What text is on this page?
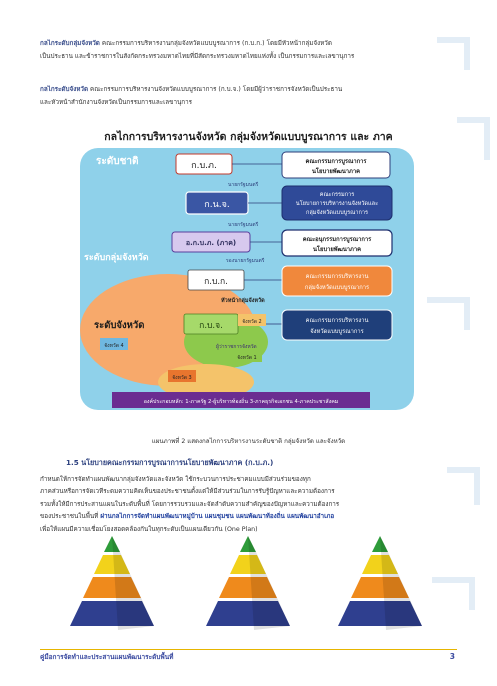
กลไกระดับกลุ่มจังหวัด คณะกรรมการบริหารงานกลุ่มจังหวัดแบบบูรณาการ (ก.บ.ก.) โดยมีหัวหน้ากลุ่มจังหวัด
เป็นประธาน และข้าราชการในสังกัดกระทรวงมหาดไทยที่มีสัดกระทรวงมหาดไทยแห่งทั้ง เป็นกรรมการและเลขานุการ
กลไกระดับจังหวัด คณะกรรมการบริหารงานจังหวัดแบบบูรณาการ (ก.บ.จ.) โดยมีผู้ว่าราชการจังหวัดเป็นประธาน
และหัวหน้าสำนักงานจังหวัดเป็นกรรมการและเลขานุการ
กลไกการบริหารงานจังหวัด กลุ่มจังหวัดแบบบูรณาการ และ ภาค
ระดับชาติ
ระดับกลุ่มจังหวัด
ระดับจังหวัด
ก.บ.ภ.
นายกรัฐมนตรี
ก.น.จ.
นายกรัฐมนตรี
อ.ก.บ.ภ. (ภาค)
รองนายกรัฐมนตรี
ก.บ.ก.
หัวหน้ากลุ่มจังหวัด
ก.บ.จ.
ผู้ว่าราชการจังหวัด
จังหวัด 2
จังหวัด 1
จังหวัด 3
จังหวัด 4
คณะกรรมการบูรณาการ
นโยบายพัฒนาภาค
คณะกรรมการ
นโยบายการบริหารงานจังหวัดและ
กลุ่มจังหวัดแบบบูรณาการ
คณะอนุกรรมการบูรณาการ
นโยบายพัฒนาภาค
คณะกรรมการบริหารงาน
กลุ่มจังหวัดแบบบูรณาการ
คณะกรรมการบริหารงาน
จังหวัดแบบบูรณาการ
องค์ประกอบหลัก: 1-ภาครัฐ 2-ผู้บริหารท้องถิ่น 3-ภาคธุรกิจเอกชน 4-ภาคประชาสังคม
แผนภาพที่ 2 แสดงกลไกการบริหารงานระดับชาติ กลุ่มจังหวัด และจังหวัด
1.5 นโยบายคณะกรรมการบูรณาการนโยบายพัฒนาภาค (ก.บ.ภ.)
กำหนดให้การจัดทำแผนพัฒนากลุ่มจังหวัดและจังหวัด ใช้กระบวนการประชาคมแบบมีส่วนร่วมของทุก
ภาคส่วนหรือการจัดเวทีระดมความคิดเห็นของประชาชนตั้งแต่ให้มีส่วนร่วมในการรับรู้ปัญหาและความต้องการ
รวมทั้งให้มีการประสานแผนในระดับพื้นที่ โดยการรวบรวมและจัดลำดับความสำคัญของปัญหาและความต้องการ
ของประชาชนในพื้นที่ ผ่านกลไกการจัดทำแผนพัฒนาหมู่บ้าน แผนชุมชน แผนพัฒนาท้องถิ่น แผนพัฒนาอำเภอ
เพื่อให้แผนมีความเชื่อมโยงสอดคล้องกันในทุกระดับเป็นแผนเดียวกัน (One Plan)
คู่มือการจัดทำและประสานแผนพัฒนาระดับพื้นที่	3
